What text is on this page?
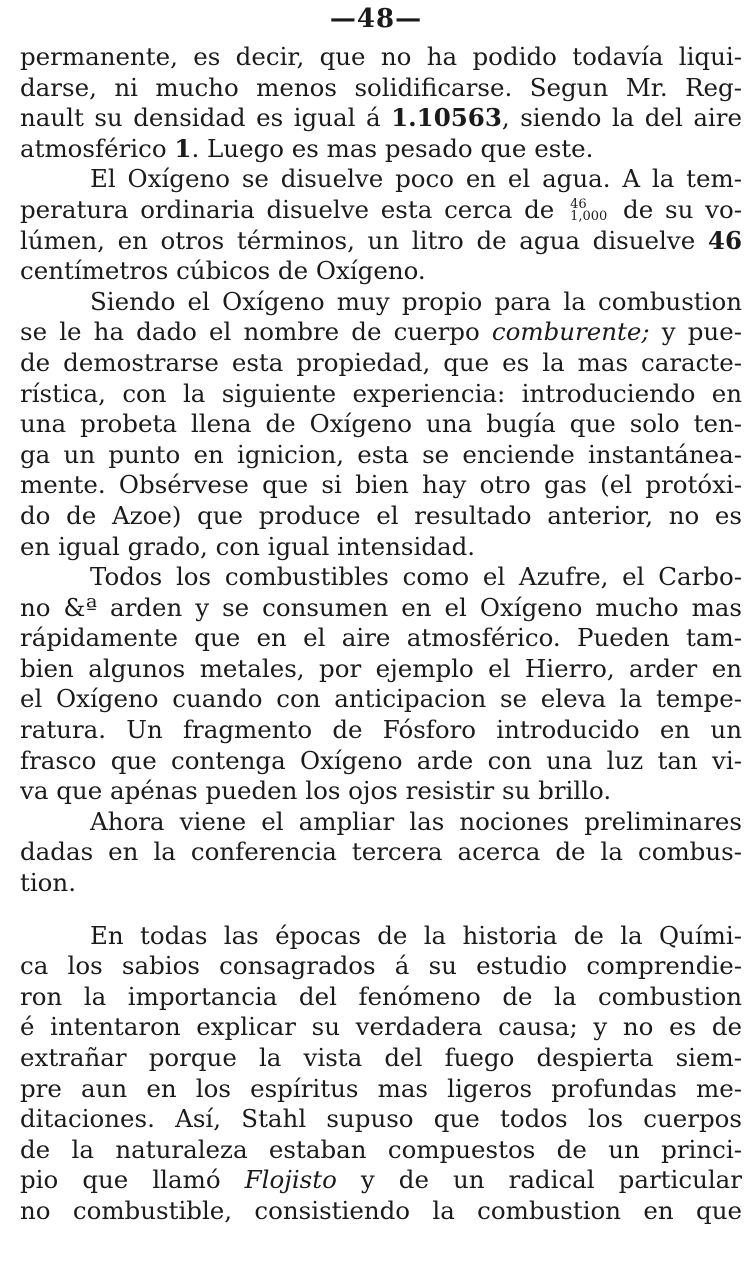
—48—
permanente, es decir, que no ha podido todavía liqui-
darse, ni mucho menos solidificarse. Segun Mr. Reg-
nault su densidad es igual á 1.10563, siendo la del aire
atmosférico 1. Luego es mas pesado que este.
El Oxígeno se disuelve poco en el agua. A la tem-
peratura ordinaria disuelve esta cerca de 46
1,000 de su vo-
lúmen, en otros términos, un litro de agua disuelve 46
centímetros cúbicos de Oxígeno.
Siendo el Oxígeno muy propio para la combustion
se le ha dado el nombre de cuerpo comburente; y pue-
de demostrarse esta propiedad, que es la mas caracte-
rística, con la siguiente experiencia: introduciendo en
una probeta llena de Oxígeno una bugía que solo ten-
ga un punto en ignicion, esta se enciende instantánea-
mente. Obsérvese que si bien hay otro gas (el protóxi-
do de Azoe) que produce el resultado anterior, no es
en igual grado, con igual intensidad.
Todos los combustibles como el Azufre, el Carbo-
no &ª arden y se consumen en el Oxígeno mucho mas
rápidamente que en el aire atmosférico. Pueden tam-
bien algunos metales, por ejemplo el Hierro, arder en
el Oxígeno cuando con anticipacion se eleva la tempe-
ratura. Un fragmento de Fósforo introducido en un
frasco que contenga Oxígeno arde con una luz tan vi-
va que apénas pueden los ojos resistir su brillo.
Ahora viene el ampliar las nociones preliminares
dadas en la conferencia tercera acerca de la combus-
tion.
En todas las épocas de la historia de la Quími-
ca los sabios consagrados á su estudio comprendie-
ron la importancia del fenómeno de la combustion
é intentaron explicar su verdadera causa; y no es de
extrañar porque la vista del fuego despierta siem-
pre aun en los espíritus mas ligeros profundas me-
ditaciones. Así, Stahl supuso que todos los cuerpos
de la naturaleza estaban compuestos de un princi-
pio que llamó Flojisto y de un radical particular
no combustible, consistiendo la combustion en que
